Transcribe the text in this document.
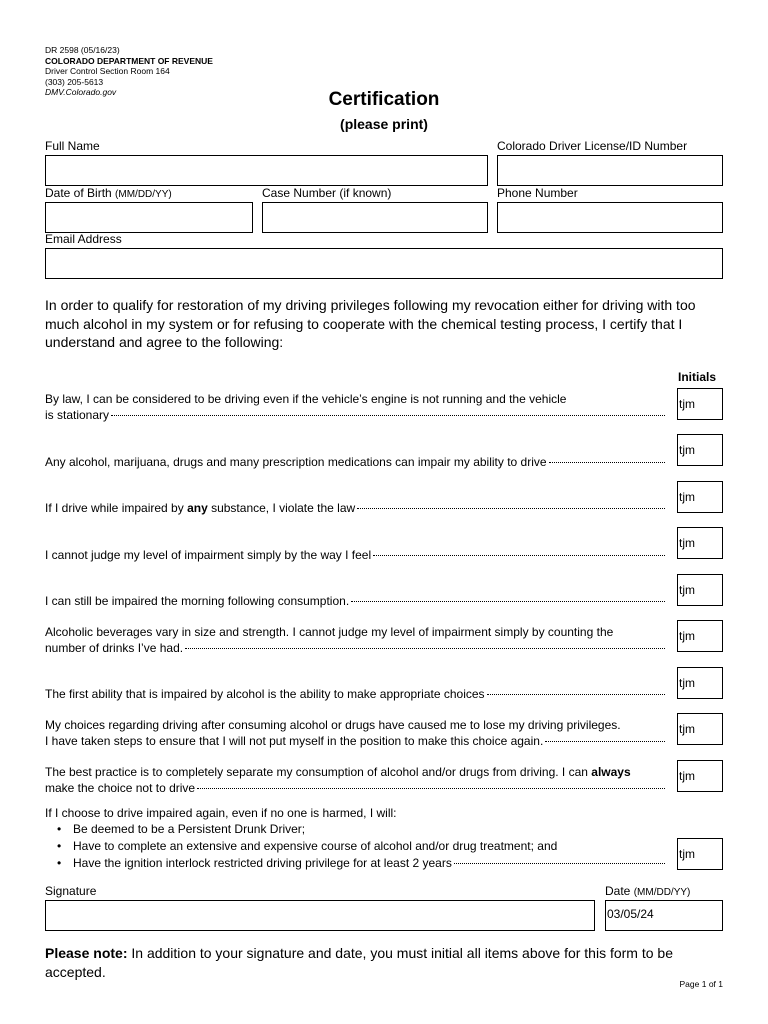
DR 2598 (05/16/23)
COLORADO DEPARTMENT OF REVENUE
Driver Control Section Room 164
(303) 205-5613
DMV.Colorado.gov	Certification
(please print)
Full Name	Colorado Driver License/ID Number
Date of Birth (MM/DD/YY)	Case Number (if known)	Phone Number
Email Address
In order to qualify for restoration of my driving privileges following my revocation either for driving with too much alcohol in my system or for refusing to cooperate with the chemical testing process, I certify that I understand and agree to the following:
Initials
By law, I can be considered to be driving even if the vehicle’s engine is not running and the vehicle
is stationary
tjm
Any alcohol, marijuana, drugs and many prescription medications can impair my ability to drive
tjm
If I drive while impaired by any substance, I violate the law
tjm
I cannot judge my level of impairment simply by the way I feel
tjm
I can still be impaired the morning following consumption.
tjm
Alcoholic beverages vary in size and strength. I cannot judge my level of impairment simply by counting the
number of drinks I’ve had.
tjm
The first ability that is impaired by alcohol is the ability to make appropriate choices
tjm
My choices regarding driving after consuming alcohol or drugs have caused me to lose my driving privileges.
I have taken steps to ensure that I will not put myself in the position to make this choice again.
tjm
The best practice is to completely separate my consumption of alcohol and/or drugs from driving. I can always
make the choice not to drive
tjm
If I choose to drive impaired again, even if no one is harmed, I will:
• Be deemed to be a Persistent Drunk Driver;
• Have to complete an extensive and expensive course of alcohol and/or drug treatment; and
• Have the ignition interlock restricted driving privilege for at least 2 years
tjm
Signature	Date (MM/DD/YY)
03/05/24
Please note: In addition to your signature and date, you must initial all items above for this form to be accepted.
Page 1 of 1
